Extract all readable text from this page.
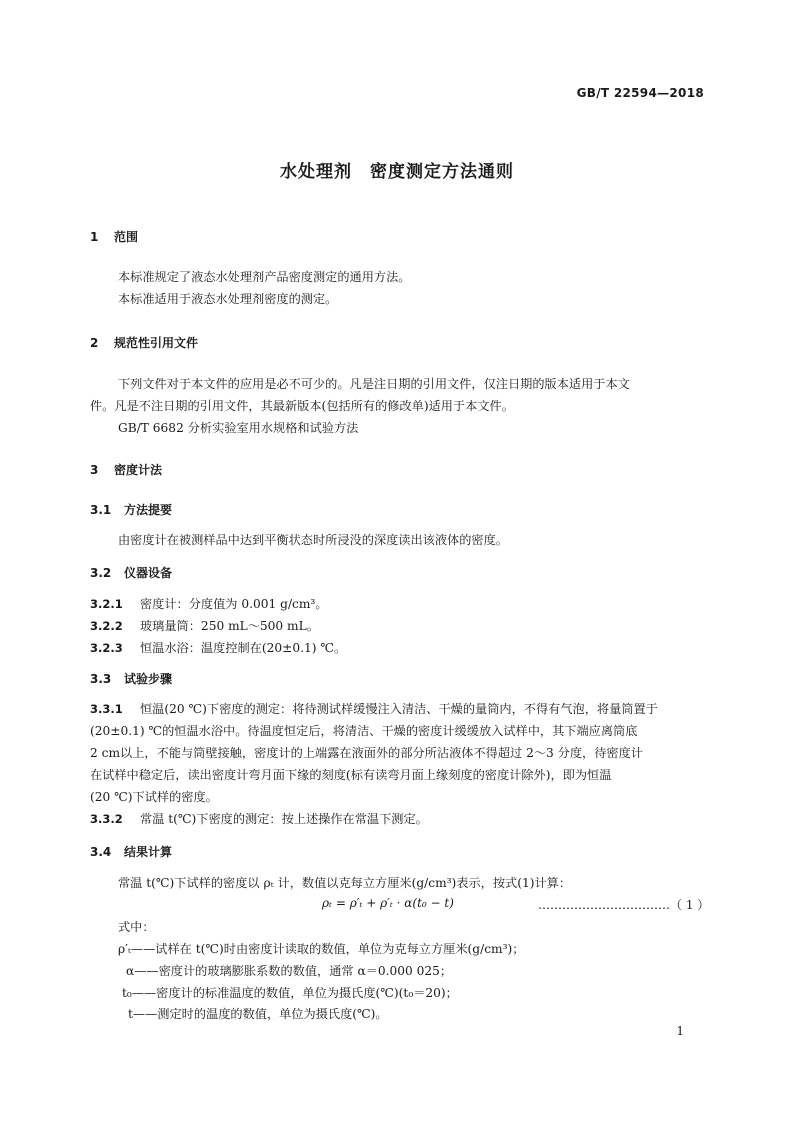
GB/T 22594—2018
水处理剂　密度测定方法通则
1 范围
本标准规定了液态水处理剂产品密度测定的通用方法。
本标准适用于液态水处理剂密度的测定。
2 规范性引用文件
下列文件对于本文件的应用是必不可少的。凡是注日期的引用文件，仅注日期的版本适用于本文
件。凡是不注日期的引用文件，其最新版本(包括所有的修改单)适用于本文件。
GB/T 6682 分析实验室用水规格和试验方法
3 密度计法
3.1 方法提要
由密度计在被测样品中达到平衡状态时所浸没的深度读出该液体的密度。
3.2 仪器设备
3.2.1 密度计：分度值为 0.001 g/cm³。
3.2.2 玻璃量筒：250 mL～500 mL。
3.2.3 恒温水浴：温度控制在(20±0.1) ℃。
3.3 试验步骤
3.3.1 恒温(20 ℃)下密度的测定：将待测试样缓慢注入清洁、干燥的量筒内，不得有气泡，将量筒置于
(20±0.1) ℃的恒温水浴中。待温度恒定后，将清洁、干燥的密度计缓缓放入试样中，其下端应离筒底
2 cm以上，不能与筒壁接触，密度计的上端露在液面外的部分所沾液体不得超过 2～3 分度，待密度计
在试样中稳定后，读出密度计弯月面下缘的刻度(标有读弯月面上缘刻度的密度计除外)，即为恒温
(20 ℃)下试样的密度。
3.3.2 常温 t(℃)下密度的测定：按上述操作在常温下测定。
3.4 结果计算
常温 t(℃)下试样的密度以 ρₜ 计，数值以克每立方厘米(g/cm³)表示，按式(1)计算：
ρₜ = ρ′ₜ + ρ′ₜ · α(t₀ − t)	……………………………（ 1 ）
式中：
ρ′ₜ——试样在 t(℃)时由密度计读取的数值，单位为克每立方厘米(g/cm³)；
α——密度计的玻璃膨胀系数的数值，通常 α＝0.000 025；
t₀——密度计的标准温度的数值，单位为摄氏度(℃)(t₀＝20)；
t——测定时的温度的数值，单位为摄氏度(℃)。
1
